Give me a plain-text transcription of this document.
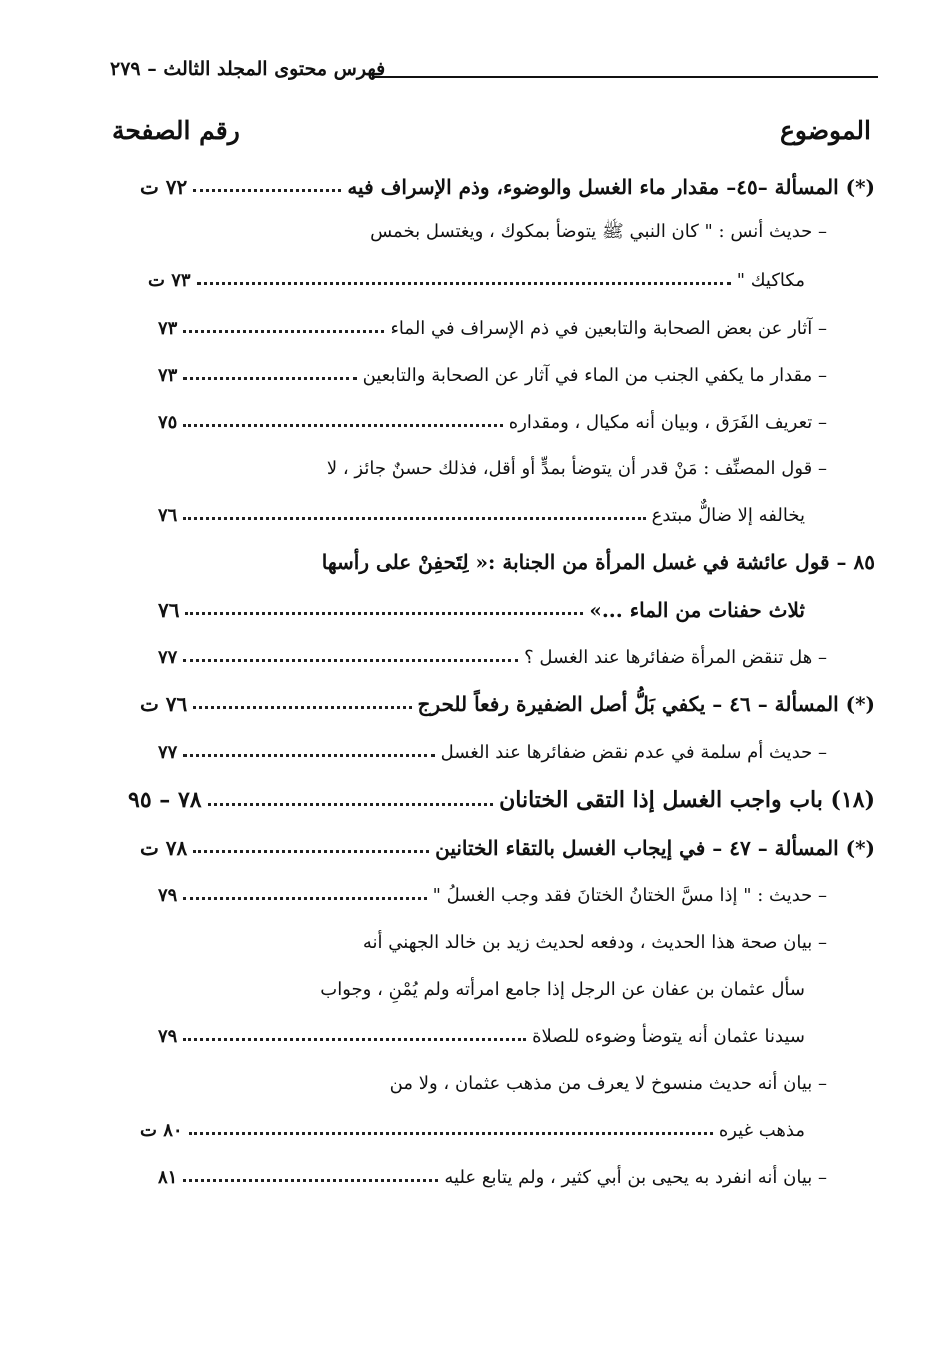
فهرس محتوى المجلد الثالث – ٢٧٩
الموضوع
رقم الصفحة
(*) المسألة –٤٥– مقدار ماء الغسل والوضوء، وذم الإسراف فيه
٧٢ ت
– حديث أنس : " كان النبي ﷺ يتوضأ بمكوك ، ويغتسل بخمس
مكاكيك "
٧٣ ت
– آثار عن بعض الصحابة والتابعين في ذم الإسراف في الماء
٧٣
– مقدار ما يكفي الجنب من الماء في آثار عن الصحابة والتابعين
٧٣
– تعريف الفَرَق ، وبيان أنه مكيال ، ومقداره
٧٥
– قول المصنِّف : مَنْ قدر أن يتوضأ بمدٍّ أو أقل، فذلك حسنٌ جائز ، لا
يخالفه إلا ضالٌّ مبتدع
٧٦
٨٥ – قول عائشة في غسل المرأة من الجنابة :« لِتَحفِنْ على رأسها
ثلاث حفنات من الماء ...»
٧٦
– هل تنقض المرأة ضفائرها عند الغسل ؟
٧٧
(*) المسألة – ٤٦ – يكفي بَلُّ أصل الضفيرة رفعاً للحرج
٧٦ ت
– حديث أم سلمة في عدم نقض ضفائرها عند الغسل
٧٧
(١٨) باب واجب الغسل إذا التقى الختانان
٧٨ – ٩٥
(*) المسألة – ٤٧ – في إيجاب الغسل بالتقاء الختانين
٧٨ ت
– حديث : " إذا مسَّ الختانُ الختانَ فقد وجب الغسلُ "
٧٩
– بيان صحة هذا الحديث ، ودفعه لحديث زيد بن خالد الجهني أنه
سأل عثمان بن عفان عن الرجل إذا جامع امرأته ولم يُمْنِ ، وجواب
سيدنا عثمان أنه يتوضأ وضوءه للصلاة
٧٩
– بيان أنه حديث منسوخ لا يعرف من مذهب عثمان ، ولا من
مذهب غيره
٨٠ ت
– بيان أنه انفرد به يحيى بن أبي كثير ، ولم يتابع عليه
٨١
